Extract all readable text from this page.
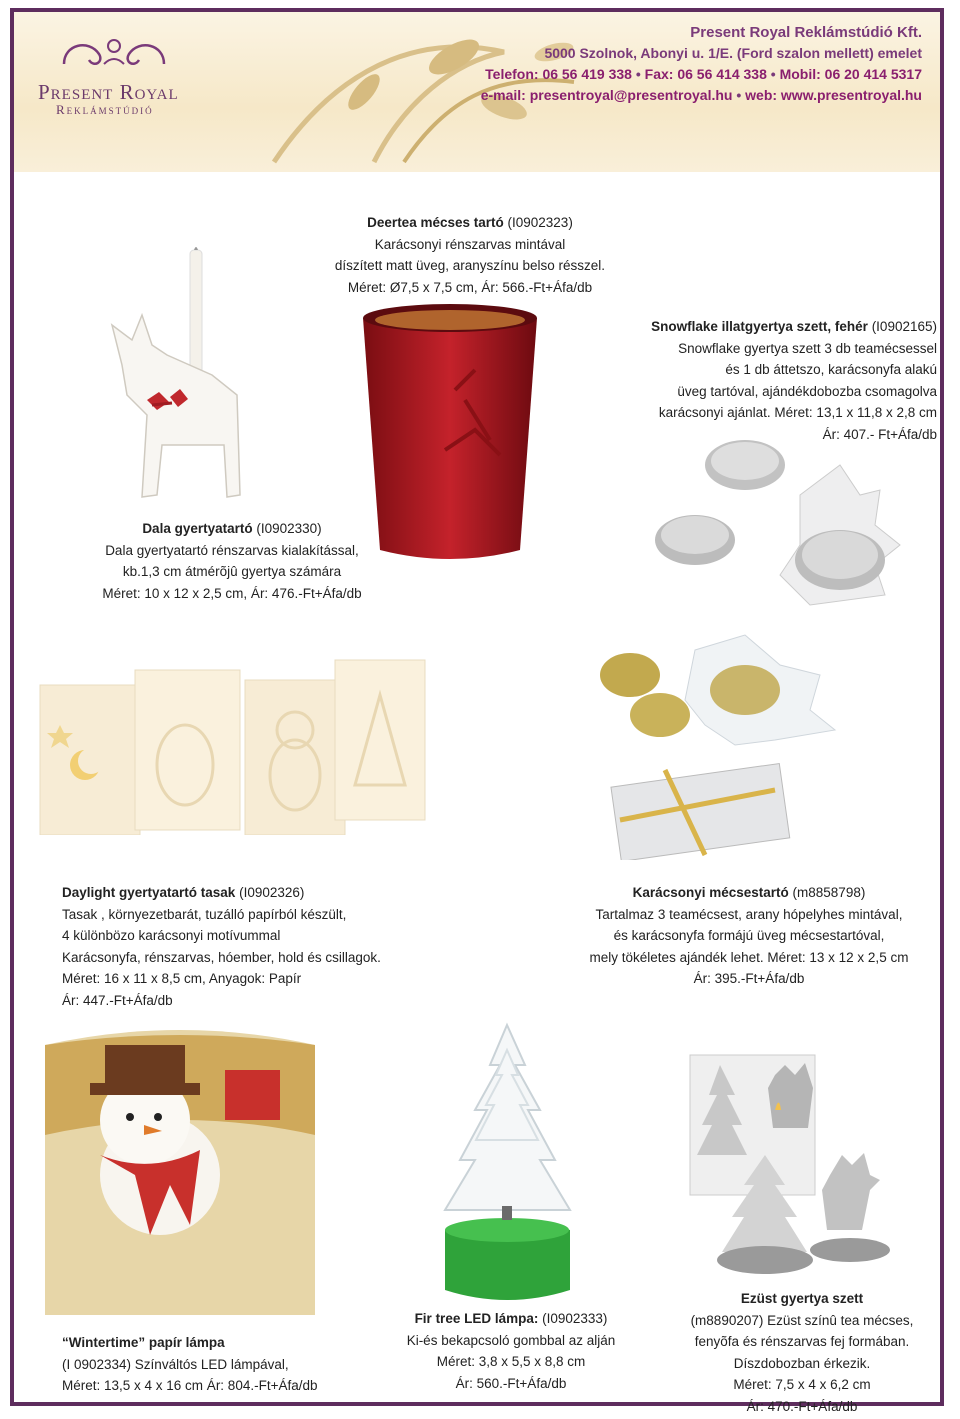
Present Royal
Reklámstúdió
Present Royal Reklámstúdió Kft.
5000 Szolnok, Abonyi u. 1/E. (Ford szalon mellett) emelet
Telefon: 06 56 419 338 • Fax: 06 56 414 338 • Mobil: 06 20 414 5317
e-mail: presentroyal@presentroyal.hu • web: www.presentroyal.hu
Deertea mécses tartó (I0902323)
Karácsonyi rénszarvas mintával
díszített matt üveg, aranyszínu belso résszel.
Méret: Ø7,5 x 7,5 cm, Ár: 566.-Ft+Áfa/db
Snowflake illatgyertya szett, fehér (I0902165)
Snowflake gyertya szett 3 db teamécsessel
és 1 db áttetszo, karácsonyfa alakú
üveg tartóval, ajándékdobozba csomagolva
karácsonyi ajánlat. Méret: 13,1 x 11,8 x 2,8 cm
Ár: 407.- Ft+Áfa/db
Dala gyertyatartó (I0902330)
Dala gyertyatartó rénszarvas kialakítással,
kb.1,3 cm átmérõjû gyertya számára
Méret: 10 x 12 x 2,5 cm, Ár: 476.-Ft+Áfa/db
Daylight gyertyatartó tasak (I0902326)
Tasak , környezetbarát, tuzálló papírból készült,
4 különbözo karácsonyi motívummal
Karácsonyfa, rénszarvas, hóember, hold és csillagok.
Méret: 16 x 11 x 8,5 cm, Anyagok: Papír
Ár: 447.-Ft+Áfa/db
Karácsonyi mécsestartó (m8858798)
Tartalmaz 3 teamécsest, arany hópelyhes mintával,
és karácsonyfa formájú üveg mécsestartóval,
mely tökéletes ajándék lehet. Méret: 13 x 12 x 2,5 cm
Ár: 395.-Ft+Áfa/db
“Wintertime” papír lámpa
(I 0902334) Színváltós LED lámpával,
Méret: 13,5 x 4 x 16 cm Ár: 804.-Ft+Áfa/db
Fir tree LED lámpa: (I0902333)
Ki-és bekapcsoló gombbal az alján
Méret: 3,8 x 5,5 x 8,8 cm
Ár: 560.-Ft+Áfa/db
Ezüst gyertya szett
(m8890207) Ezüst színû tea mécses,
fenyõfa és rénszarvas fej formában.
Díszdobozban érkezik.
Méret: 7,5 x 4 x 6,2 cm
Ár: 470.-Ft+Áfa/db
